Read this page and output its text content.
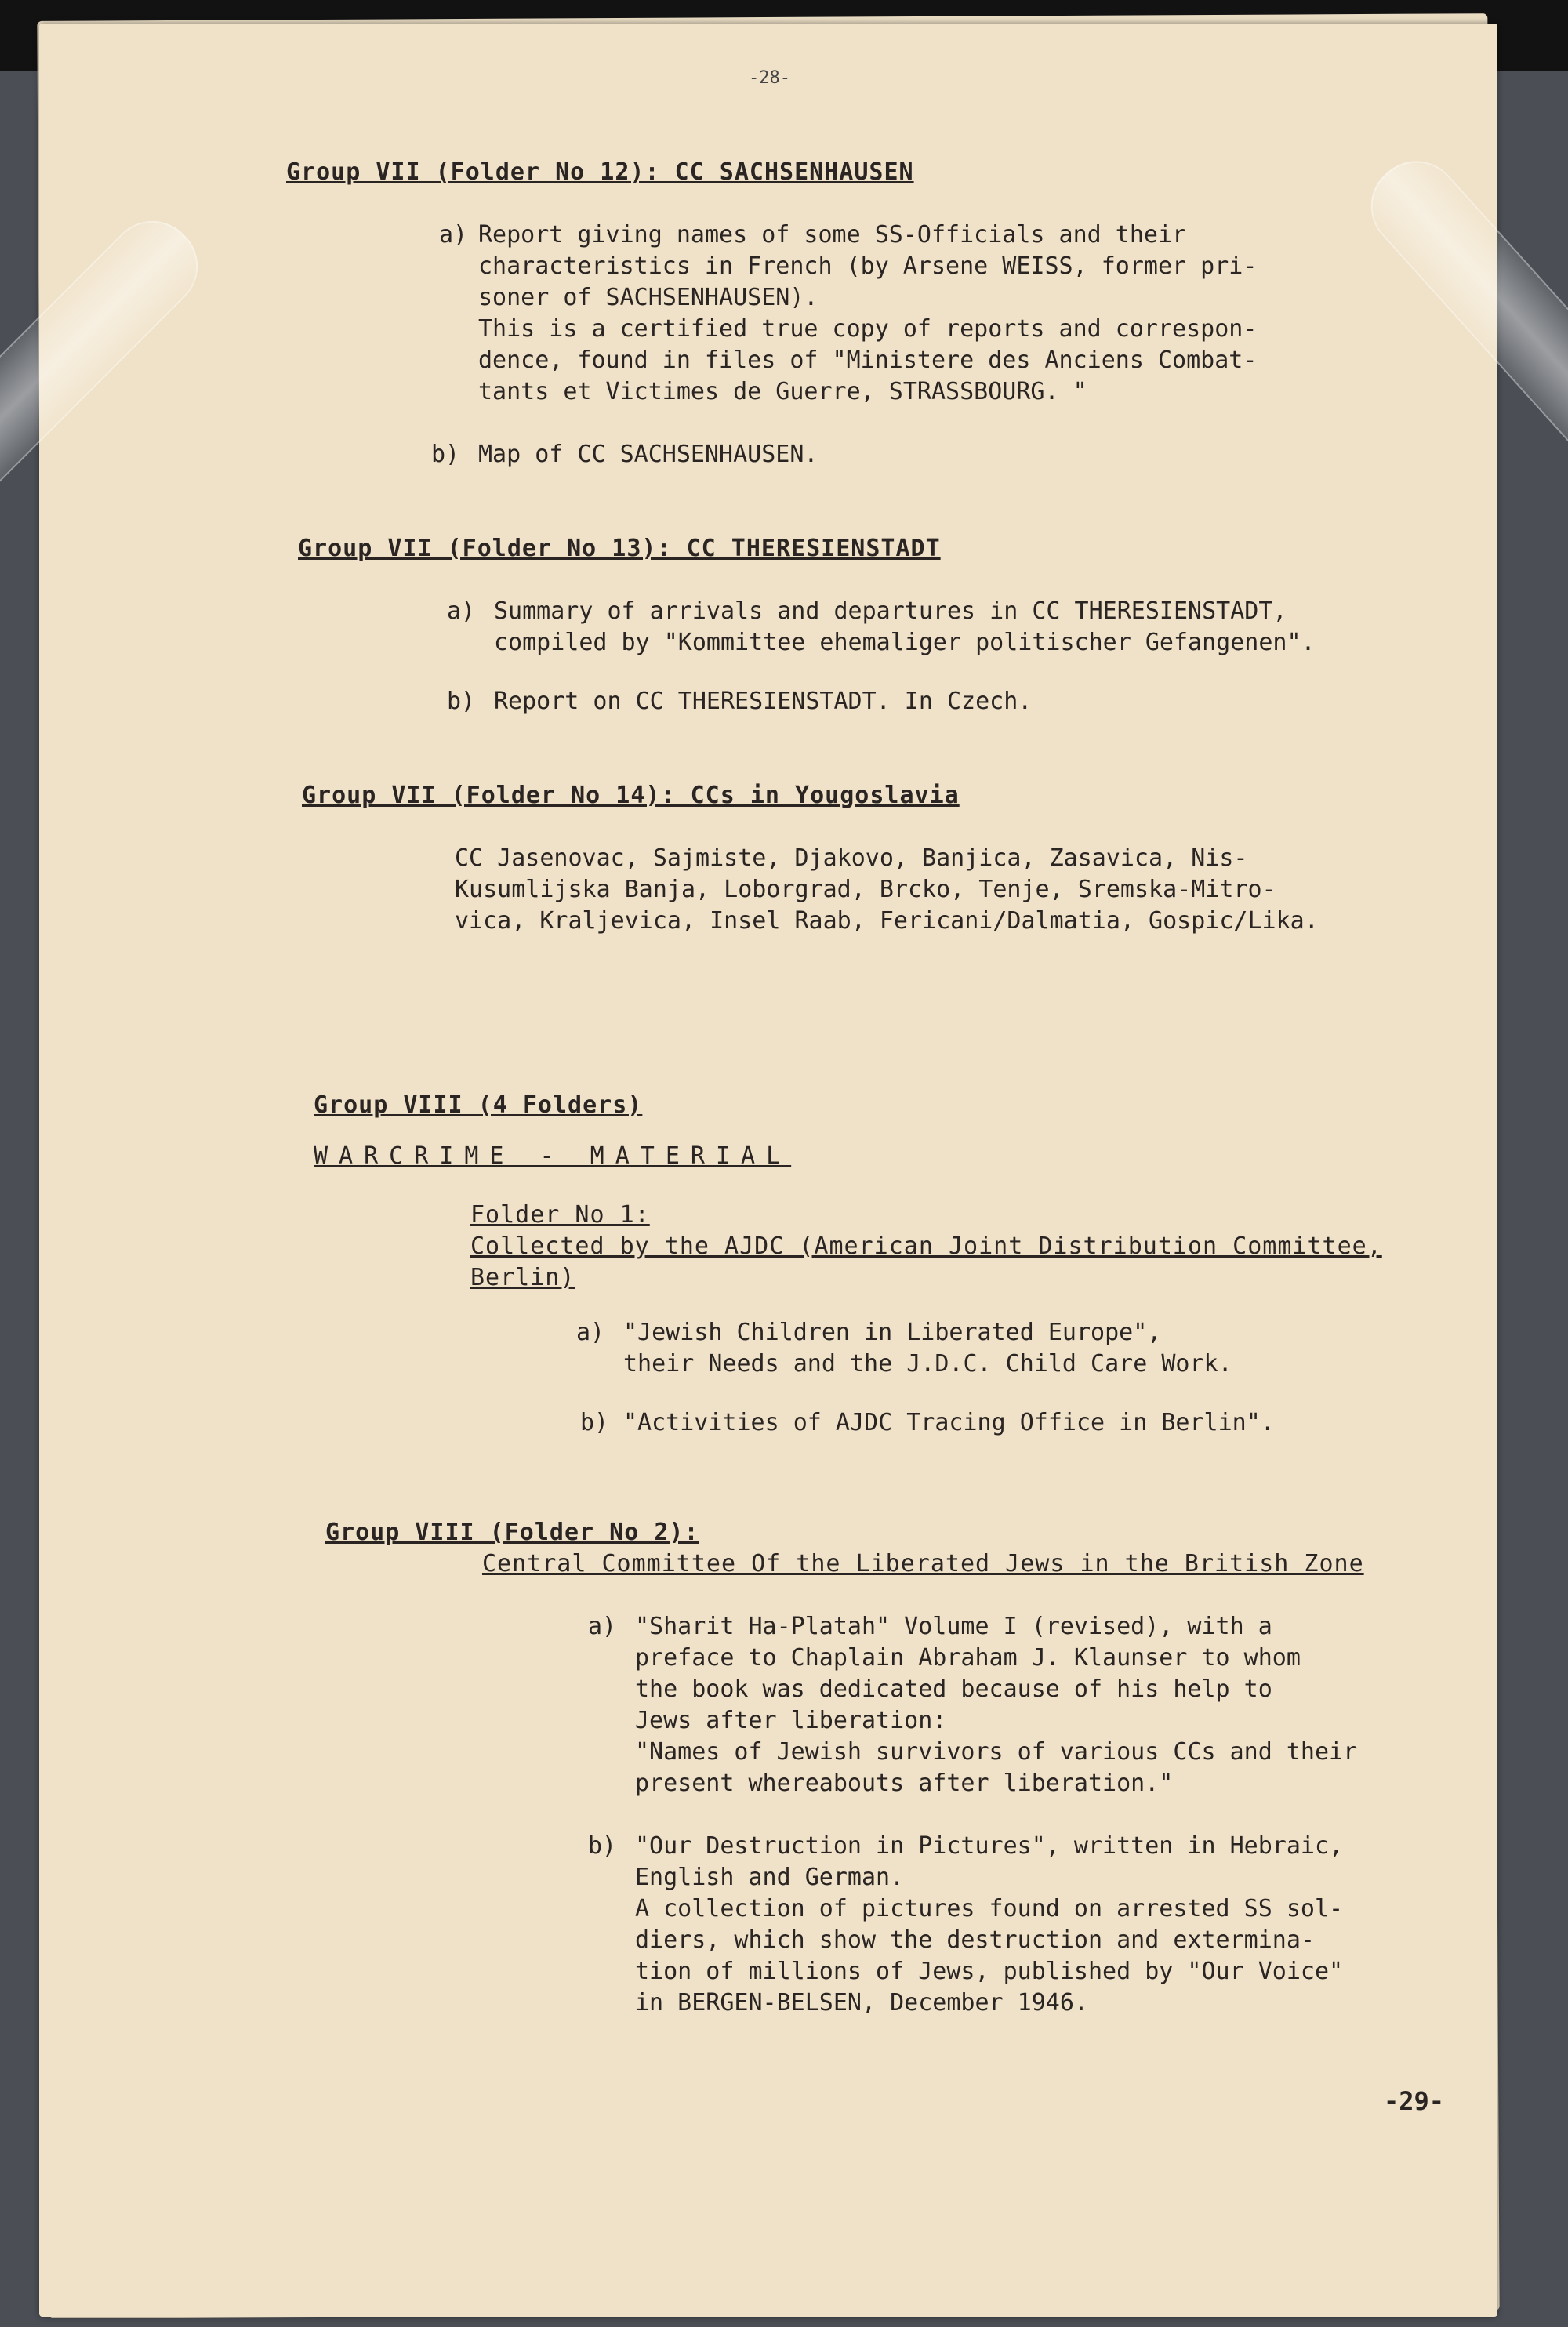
-28-
Group VII (Folder No 12): CC SACHSENHAUSEN
a) Report giving names of some SS-Officials and their
characteristics in French (by Arsene WEISS, former pri-
soner of SACHSENHAUSEN).
This is a certified true copy of reports and correspon-
dence, found in files of "Ministere des Anciens Combat-
tants et Victimes de Guerre, STRASSBOURG. "
b) Map of CC SACHSENHAUSEN.
Group VII (Folder No 13): CC THERESIENSTADT
a) Summary of arrivals and departures in CC THERESIENSTADT,
compiled by "Kommittee ehemaliger politischer Gefangenen".
b) Report on CC THERESIENSTADT. In Czech.
Group VII (Folder No 14): CCs in Yougoslavia
CC Jasenovac, Sajmiste, Djakovo, Banjica, Zasavica, Nis-
Kusumlijska Banja, Loborgrad, Brcko, Tenje, Sremska-Mitro-
vica, Kraljevica, Insel Raab, Fericani/Dalmatia, Gospic/Lika.
Group VIII (4 Folders)
WARCRIME - MATERIAL
Folder No 1:
Collected by the AJDC (American Joint Distribution Committee,
Berlin)
a) "Jewish Children in Liberated Europe",
their Needs and the J.D.C. Child Care Work.
b) "Activities of AJDC Tracing Office in Berlin".
Group VIII (Folder No 2):
Central Committee Of the Liberated Jews in the British Zone
a) "Sharit Ha-Platah" Volume I (revised), with a
preface to Chaplain Abraham J. Klaunser to whom
the book was dedicated because of his help to
Jews after liberation:
"Names of Jewish survivors of various CCs and their
present whereabouts after liberation."
b) "Our Destruction in Pictures", written in Hebraic,
English and German.
A collection of pictures found on arrested SS sol-
diers, which show the destruction and extermina-
tion of millions of Jews, published by "Our Voice"
in BERGEN-BELSEN, December 1946.
-29-
